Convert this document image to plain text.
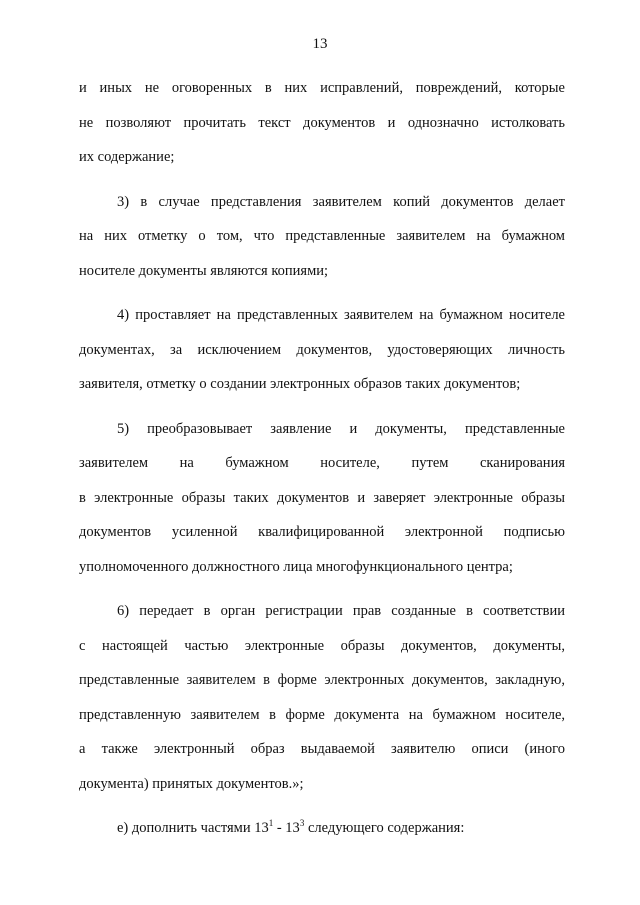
13
и иных не оговоренных в них исправлений, повреждений, которые
не позволяют прочитать текст документов и однозначно истолковать
их содержание;
3) в случае представления заявителем копий документов делает
на них отметку о том, что представленные заявителем на бумажном
носителе документы являются копиями;
4) проставляет на представленных заявителем на бумажном носителе
документах, за исключением документов, удостоверяющих личность
заявителя, отметку о создании электронных образов таких документов;
5) преобразовывает заявление и документы, представленные
заявителем на бумажном носителе, путем сканирования
в электронные образы таких документов и заверяет электронные образы
документов усиленной квалифицированной электронной подписью
уполномоченного должностного лица многофункционального центра;
6) передает в орган регистрации прав созданные в соответствии
с настоящей частью электронные образы документов, документы,
представленные заявителем в форме электронных документов, закладную,
представленную заявителем в форме документа на бумажном носителе,
а также электронный образ выдаваемой заявителю описи (иного
документа) принятых документов.»;
е) дополнить частями $13^1 - 13^3$ следующего содержания:
